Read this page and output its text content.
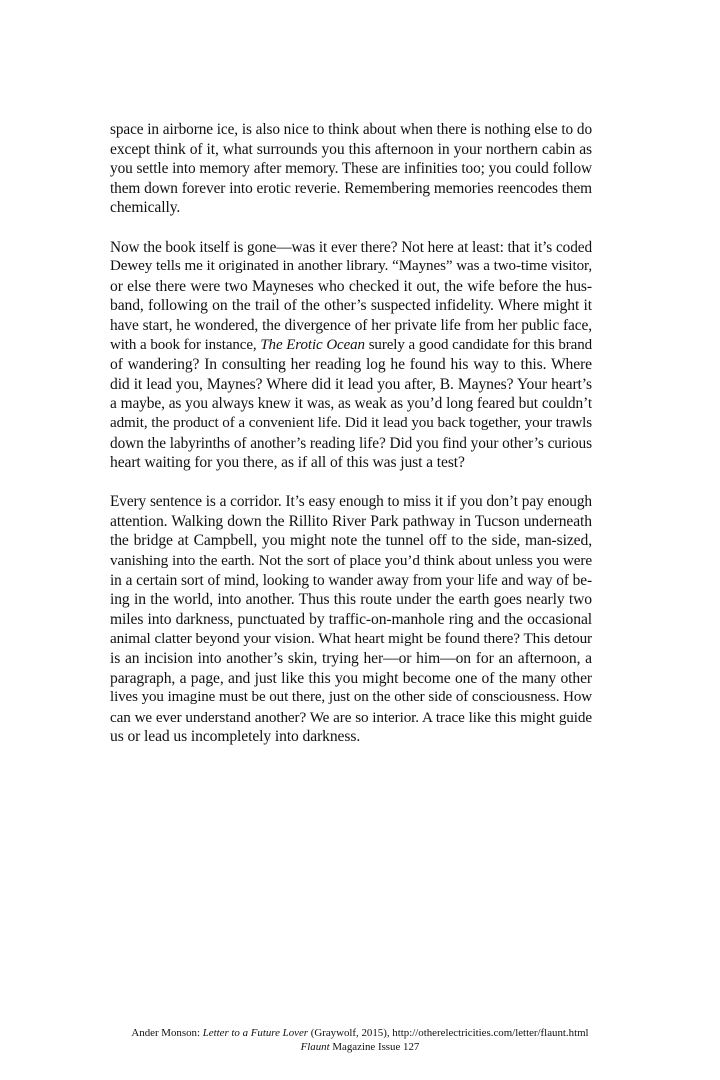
space in airborne ice, is also nice to think about when there is nothing else to do
except think of it, what surrounds you this afternoon in your northern cabin as
you settle into memory after memory. These are infinities too; you could follow
them down forever into erotic reverie. Remembering memories reencodes them
chemically.

Now the book itself is gone—was it ever there? Not here at least: that it’s coded
Dewey tells me it originated in another library. “Maynes” was a two-time visitor,
or else there were two Mayneses who checked it out, the wife before the hus-
band, following on the trail of the other’s suspected infidelity. Where might it
have start, he wondered, the divergence of her private life from her public face,
with a book for instance, The Erotic Ocean surely a good candidate for this brand
of wandering? In consulting her reading log he found his way to this. Where
did it lead you, Maynes? Where did it lead you after, B. Maynes? Your heart’s
a maybe, as you always knew it was, as weak as you’d long feared but couldn’t
admit, the product of a convenient life. Did it lead you back together, your trawls
down the labyrinths of another’s reading life? Did you find your other’s curious
heart waiting for you there, as if all of this was just a test?

Every sentence is a corridor. It’s easy enough to miss it if you don’t pay enough
attention. Walking down the Rillito River Park pathway in Tucson underneath
the bridge at Campbell, you might note the tunnel off to the side, man-sized,
vanishing into the earth. Not the sort of place you’d think about unless you were
in a certain sort of mind, looking to wander away from your life and way of be-
ing in the world, into another. Thus this route under the earth goes nearly two
miles into darkness, punctuated by traffic-on-manhole ring and the occasional
animal clatter beyond your vision. What heart might be found there? This detour
is an incision into another’s skin, trying her—or him—on for an afternoon, a
paragraph, a page, and just like this you might become one of the many other
lives you imagine must be out there, just on the other side of consciousness. How
can we ever understand another? We are so interior. A trace like this might guide
us or lead us incompletely into darkness.

Ander Monson: Letter to a Future Lover (Graywolf, 2015), http://otherelectricities.com/letter/flaunt.html
Flaunt Magazine Issue 127
